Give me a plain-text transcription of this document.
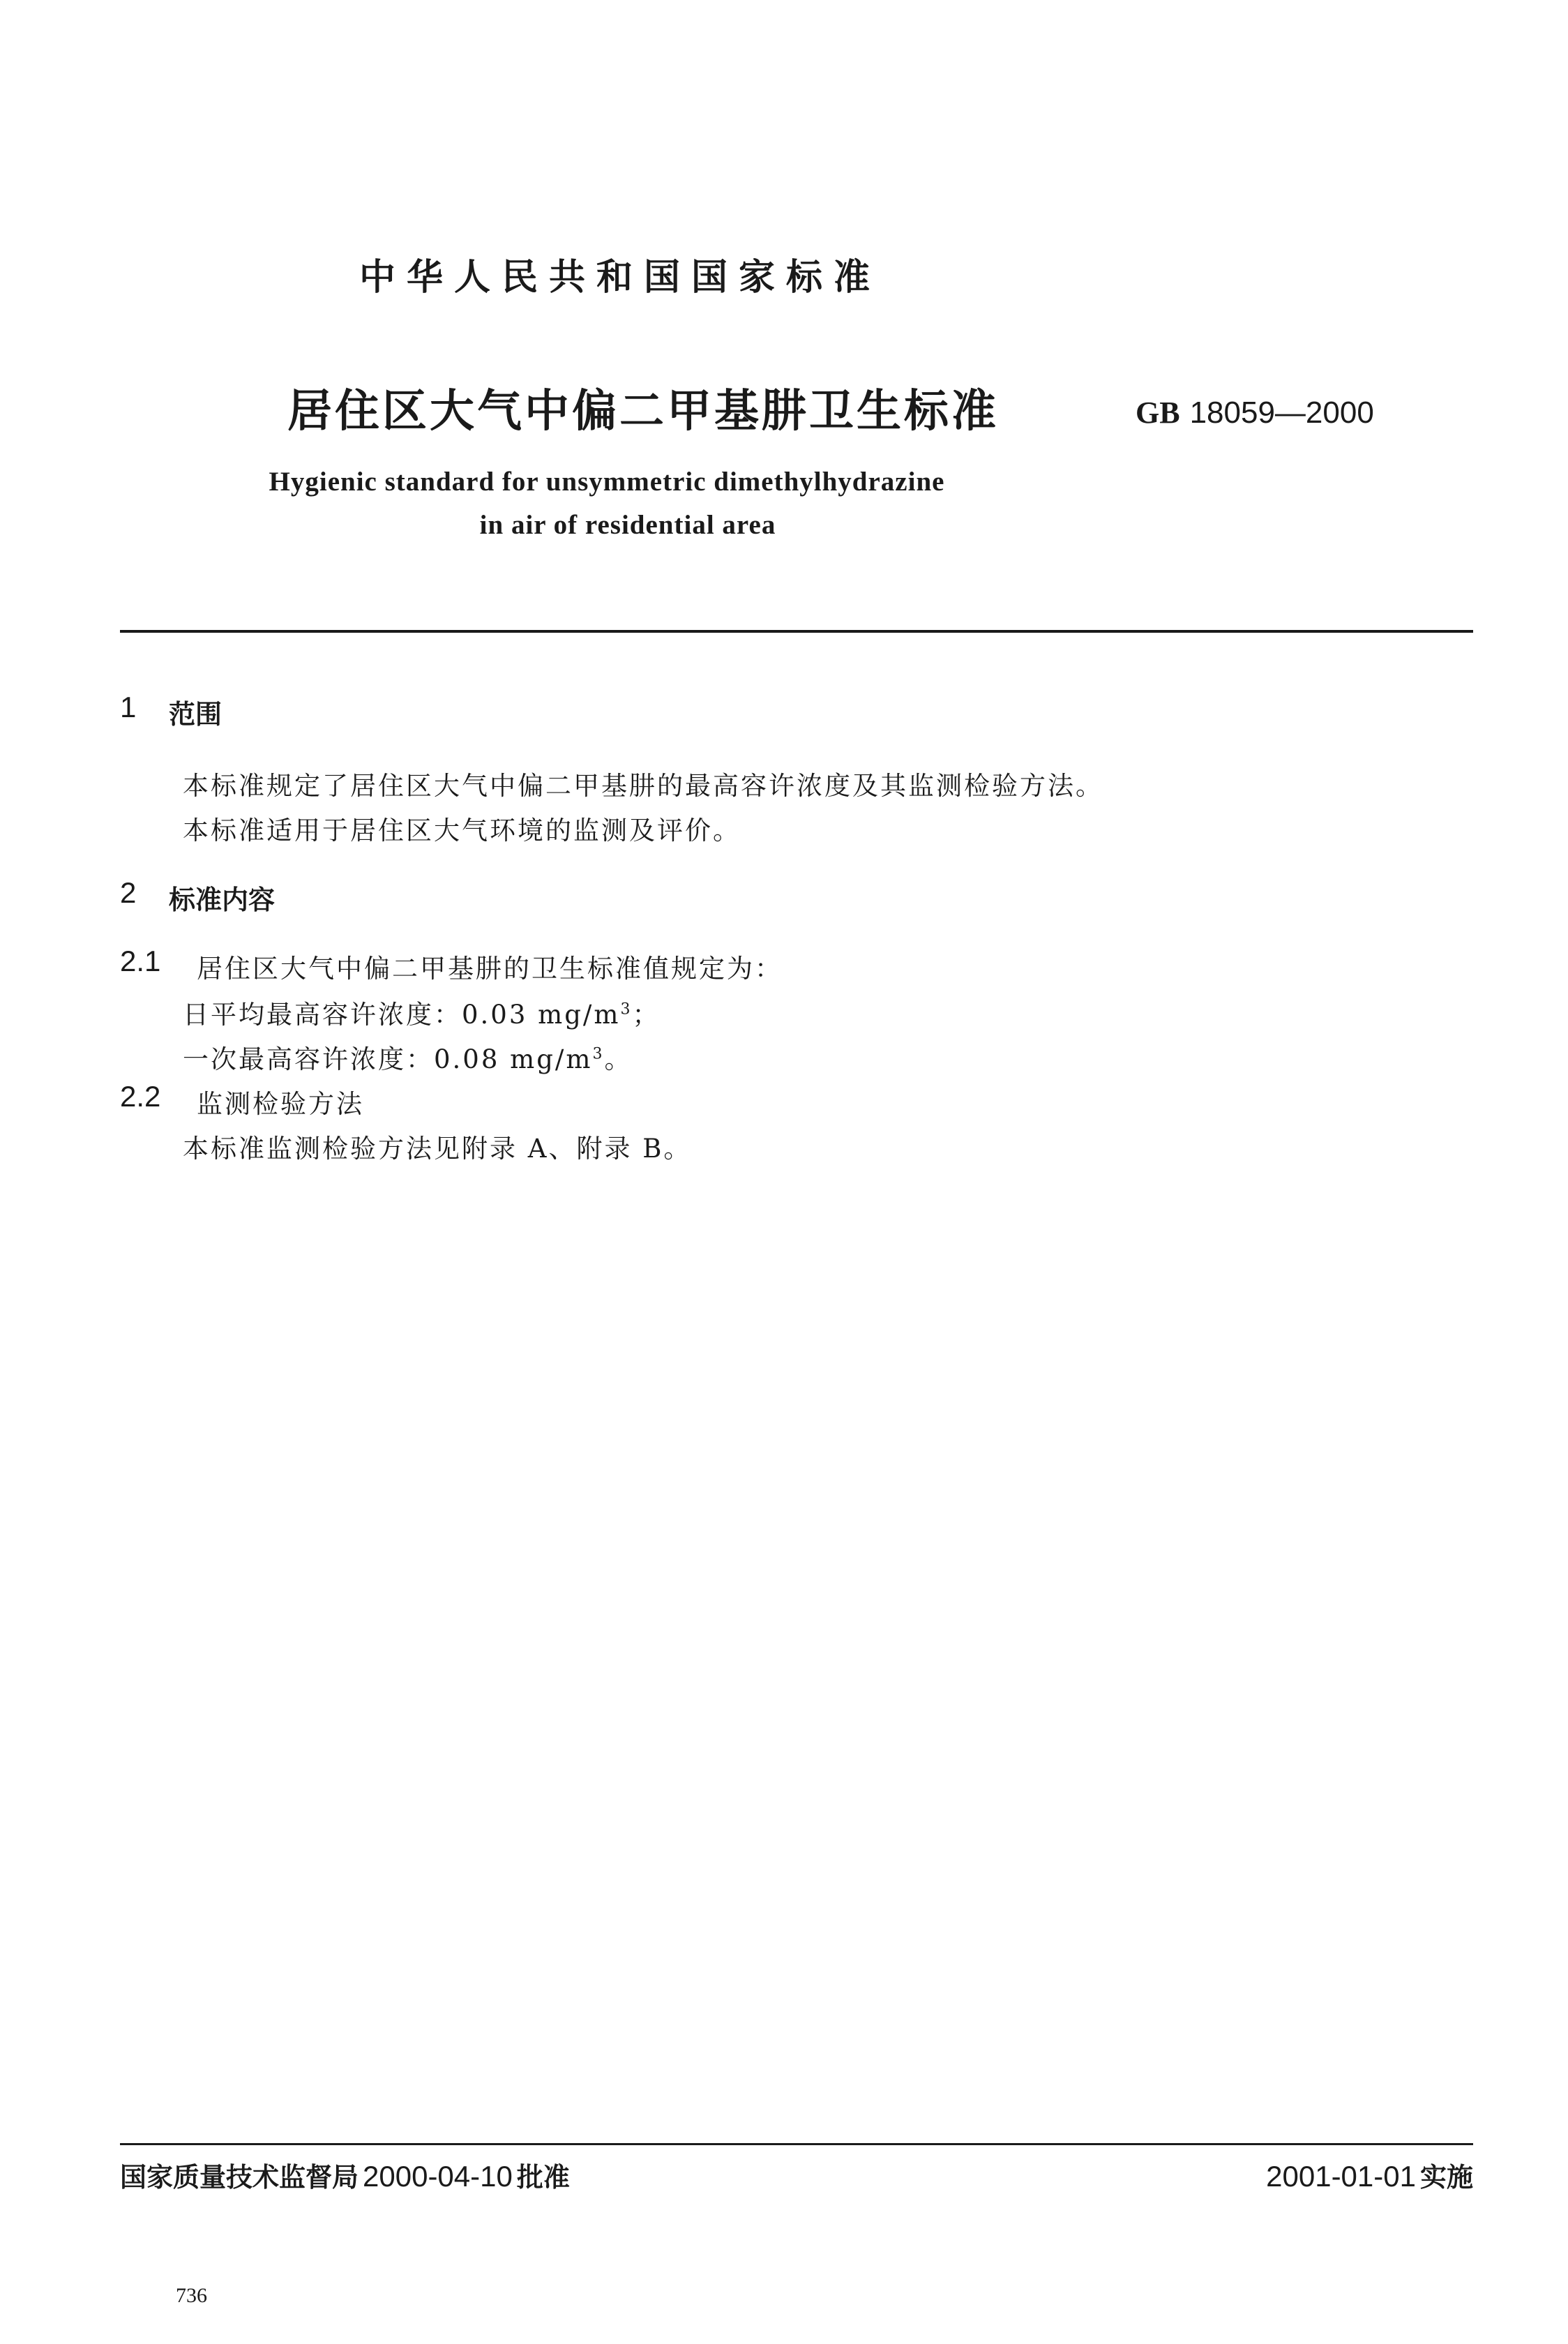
中华人民共和国国家标准
居住区大气中偏二甲基肼卫生标准	GB 18059—2000
Hygienic standard for unsymmetric dimethylhydrazine
in air of residential area
1 范围
本标准规定了居住区大气中偏二甲基肼的最高容许浓度及其监测检验方法。
本标准适用于居住区大气环境的监测及评价。
2 标准内容
2.1 居住区大气中偏二甲基肼的卫生标准值规定为：
日平均最高容许浓度：0.03 $mg/m^3$；
一次最高容许浓度：0.08 $mg/m^3$。
2.2 监测检验方法
本标准监测检验方法见附录 A、附录 B。
国家质量技术监督局 2000-04-10 批准	2001-01-01 实施
736
